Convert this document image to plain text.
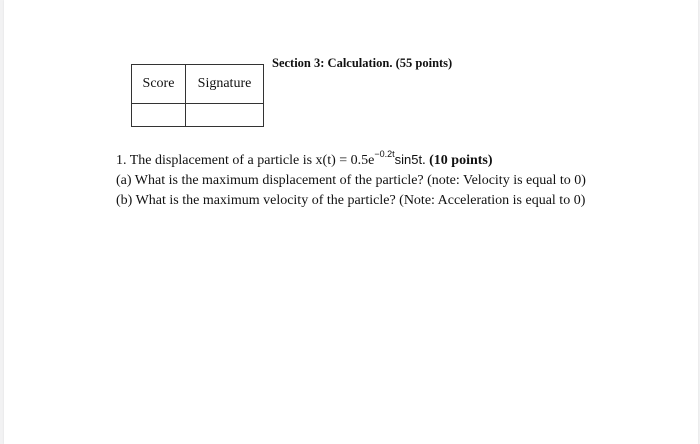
Score	Signature

Section 3: Calculation. (55 points)

1. The displacement of a particle is $x(t) = 0.5e^{-0.2t}\sin 5t$. (10 points)

(a) What is the maximum displacement of the particle? (note: Velocity is equal to 0)

(b) What is the maximum velocity of the particle? (Note: Acceleration is equal to 0)
